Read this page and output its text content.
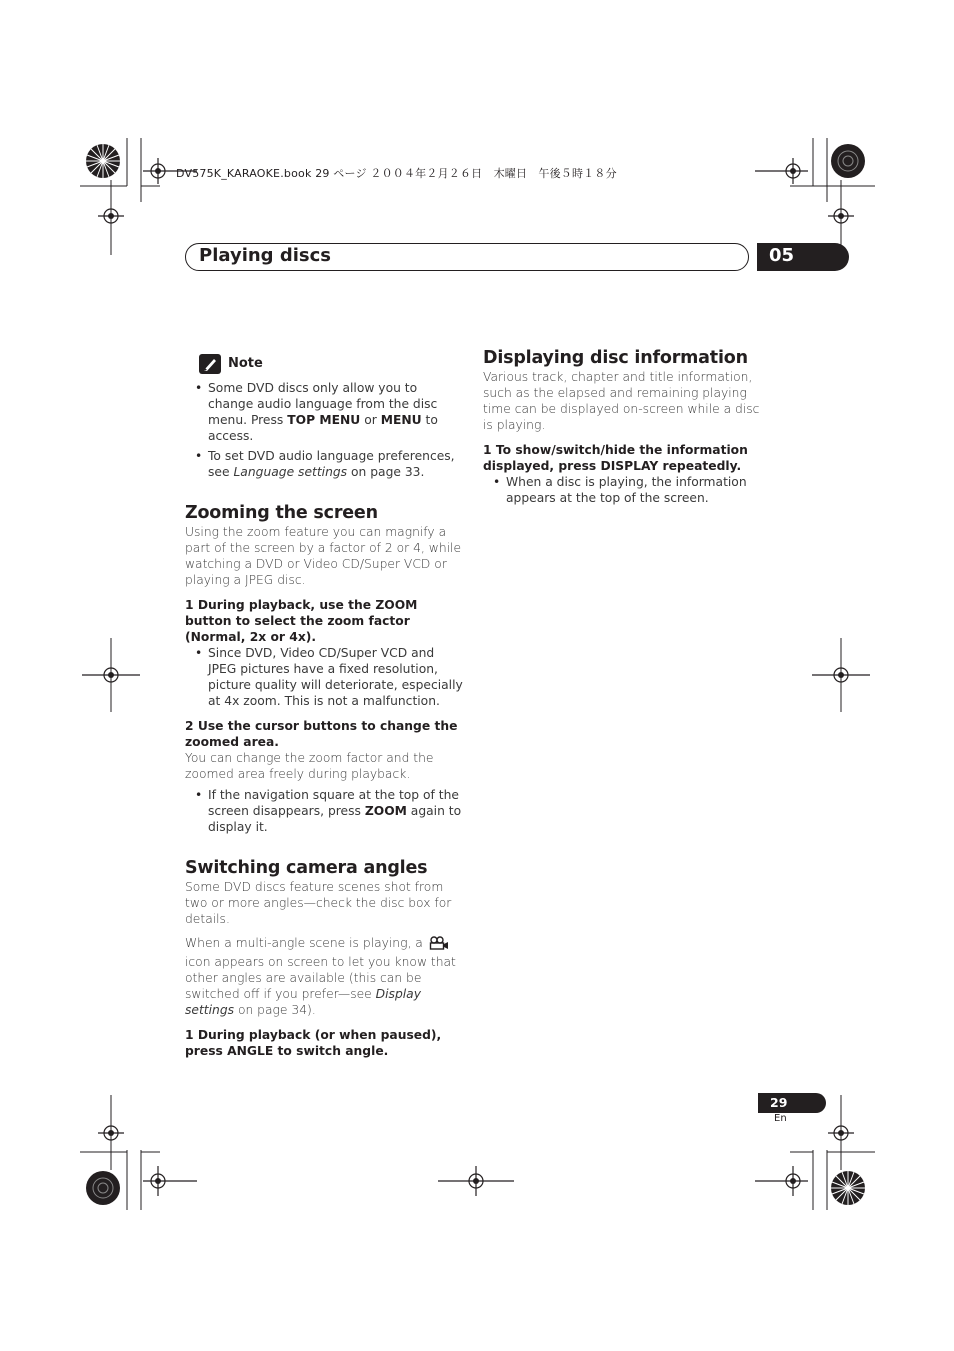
DV575K_KARAOKE.book 29 ページ ２００４年２月２６日　木曜日　午後５時１８分
Playing discs	05
Note
• Some DVD discs only allow you to change audio language from the disc menu. Press TOP MENU or MENU to access.
• To set DVD audio language preferences, see Language settings on page 33.
Zooming the screen

Using the zoom feature you can magnify a part of the screen by a factor of 2 or 4, while watching a DVD or Video CD/Super VCD or playing a JPEG disc.

1 During playback, use the ZOOM button to select the zoom factor (Normal, 2x or 4x).

• Since DVD, Video CD/Super VCD and JPEG pictures have a fixed resolution, picture quality will deteriorate, especially at 4x zoom. This is not a malfunction.

2 Use the cursor buttons to change the zoomed area.

You can change the zoom factor and the zoomed area freely during playback.

• If the navigation square at the top of the screen disappears, press ZOOM again to display it.
Switching camera angles

Some DVD discs feature scenes shot from two or more angles—check the disc box for details.

When a multi-angle scene is playing, a icon appears on screen to let you know that other angles are available (this can be switched off if you prefer—see Display settings on page 34).

1 During playback (or when paused), press ANGLE to switch angle.

Displaying disc information

Various track, chapter and title information, such as the elapsed and remaining playing time can be displayed on-screen while a disc is playing.

1 To show/switch/hide the information displayed, press DISPLAY repeatedly.

• When a disc is playing, the information appears at the top of the screen.
29
En
